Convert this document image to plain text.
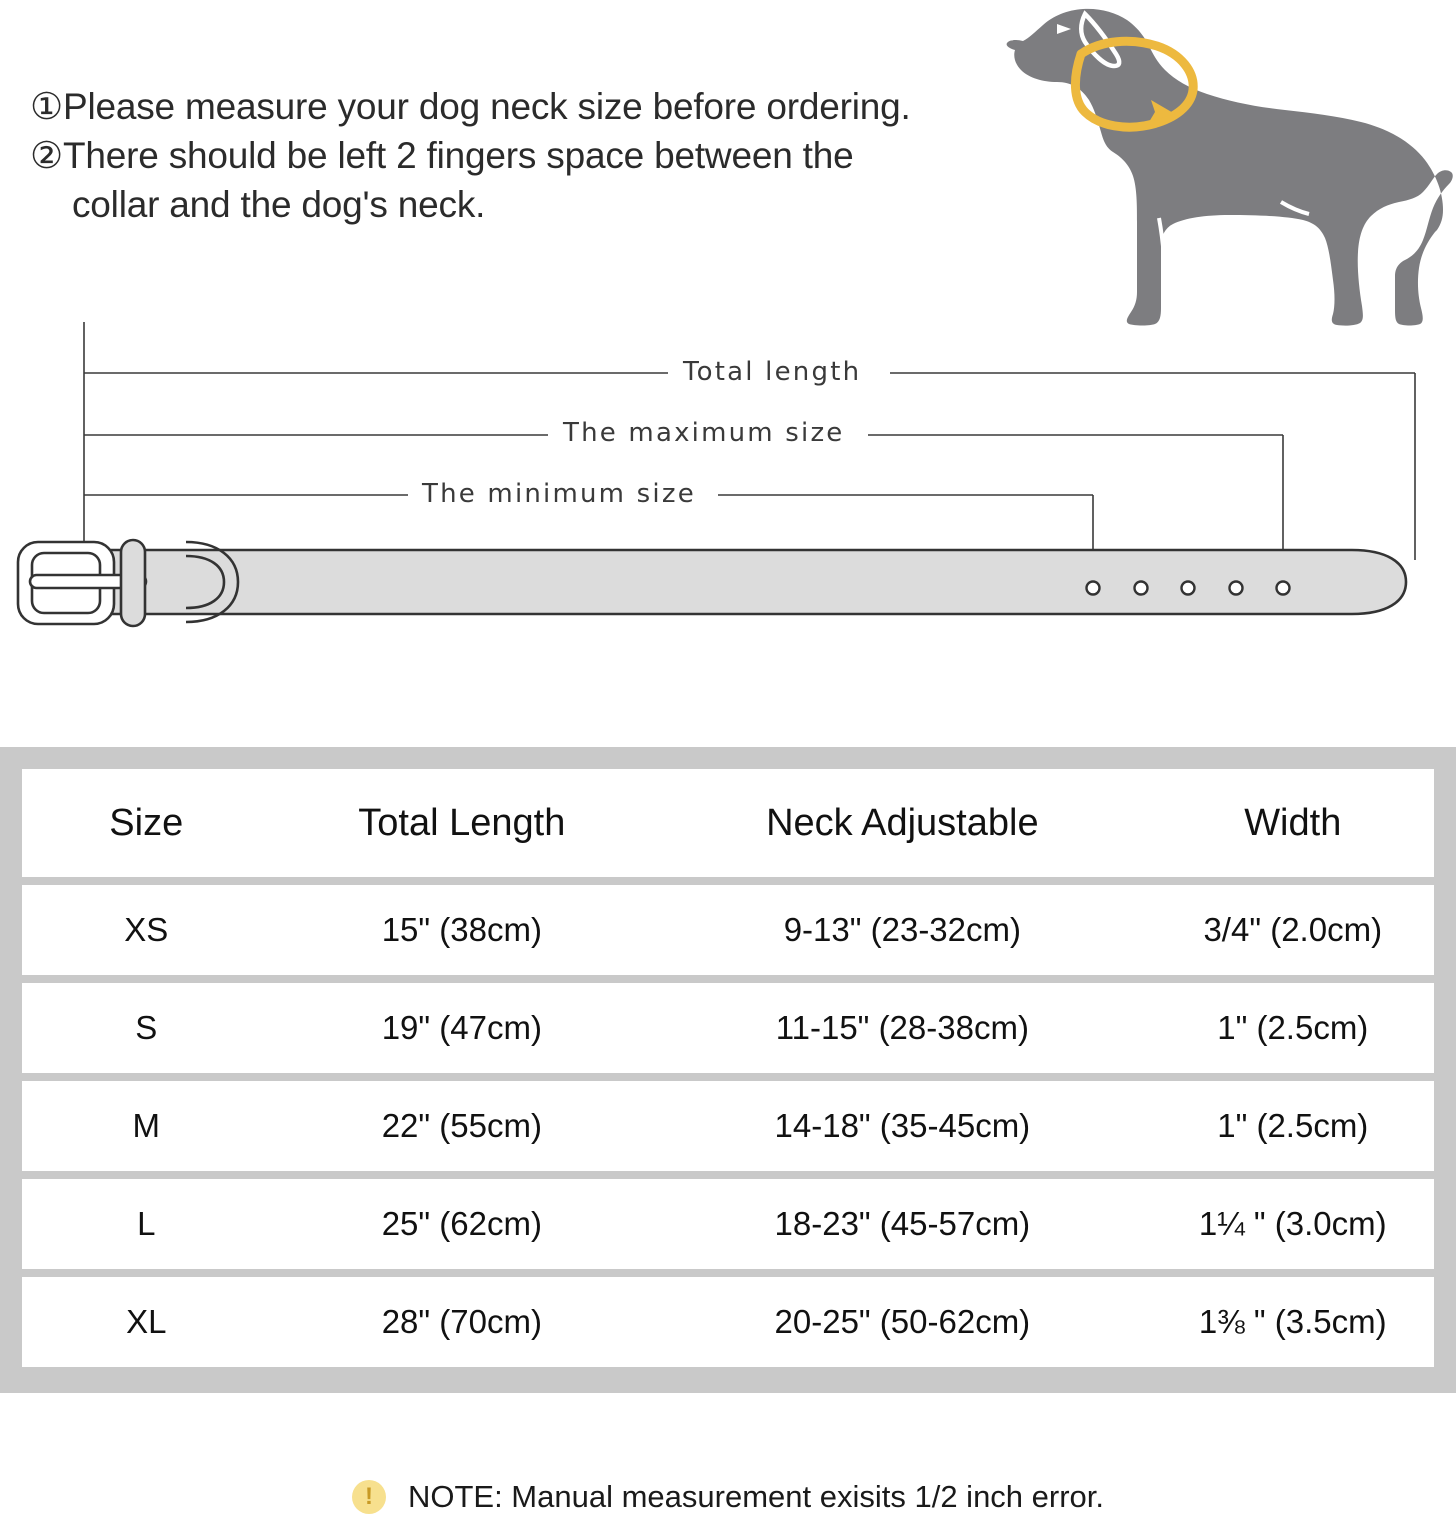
①Please measure your dog neck size before ordering.
②There should be left 2 fingers space between the
collar and the dog's neck.
Total length
The maximum size
The minimum size
Size	Total Length	Neck Adjustable	Width
XS	15" (38cm)	9-13" (23-32cm)	3/4" (2.0cm)
S	19" (47cm)	11-15" (28-38cm)	1" (2.5cm)
M	22" (55cm)	14-18" (35-45cm)	1" (2.5cm)
L	25" (62cm)	18-23" (45-57cm)	1¼ " (3.0cm)
XL	28" (70cm)	20-25" (50-62cm)	1⅜ " (3.5cm)
!	NOTE: Manual measurement exisits 1/2 inch error.
